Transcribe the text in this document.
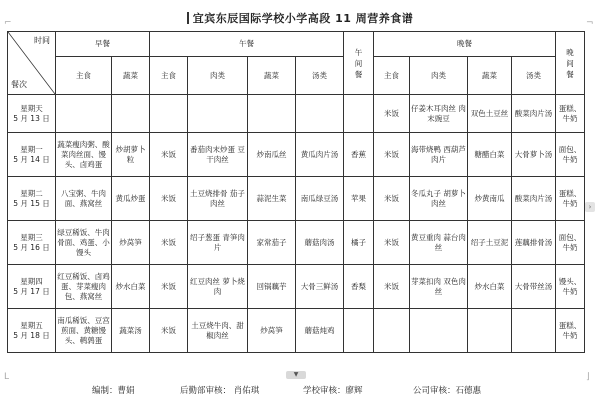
宜宾东辰国际学校小学高段 11 周营养食谱
⌐	¬
L	⌋
时间
餐次	早餐		午餐				午间餐	晚餐				晚间餐
	主食	蔬菜	主食	肉类	蔬菜	汤类		主食	肉类	蔬菜	汤类	
星期天
5 月 13 日								米饭	仔姜木耳肉丝 肉末豌豆	双色土豆丝	酸菜肉片汤	蛋糕、牛奶
星期一
5 月 14 日	蔬菜瘦肉粥、酸菜肉丝面、馒头、卤鸡蛋	炒胡萝卜粒	米饭	番茄肉末炒蛋 豆干肉丝	炒南瓜丝	黄瓜肉片汤	香蕉	米饭	海带烧鸭 西葫芦肉片	糖醋白菜	大骨萝卜汤	面包、牛奶
星期二
5 月 15 日	八宝粥、牛肉面、燕窝丝	黄瓜炒蛋	米饭	土豆烧排骨 茄子肉丝	蒜泥生菜	南瓜绿豆汤	苹果	米饭	冬瓜丸子 胡萝卜肉丝	炒黄南瓜	酸菜肉片汤	蛋糕、牛奶
星期三
5 月 16 日	绿豆稀饭、牛肉骨面、鸡蛋、小馒头	炒莴笋	米饭	绍子葱蛋 青笋肉片	家常茄子	蘑菇肉汤	橘子	米饭	黄豆重肉 蒜台肉丝	绍子土豆泥	莲藕排骨汤	面包、牛奶
星期四
5 月 17 日	红豆稀饭、卤鸡蛋、芽菜瘦肉包、燕窝丝	炒水白菜	米饭	红豆肉丝 萝卜烧肉	回锅藕芋	大骨三鲜汤	香梨	米饭	芽菜扣肉 双色肉丝	炒水白菜	大骨带丝汤	馒头、牛奶
星期五
5 月 18 日	南瓜稀饭、豆宫煎面、黄糖馒头、鹌鹑蛋	蔬菜汤	米饭	土豆烧牛肉、甜椒肉丝	炒莴笋	蘑菇炖鸡						蛋糕、牛奶
▼
›
编制：曹娟	后勤部审核： 肖佑琪	学校审核：廖辉	公司审核：石德惠
